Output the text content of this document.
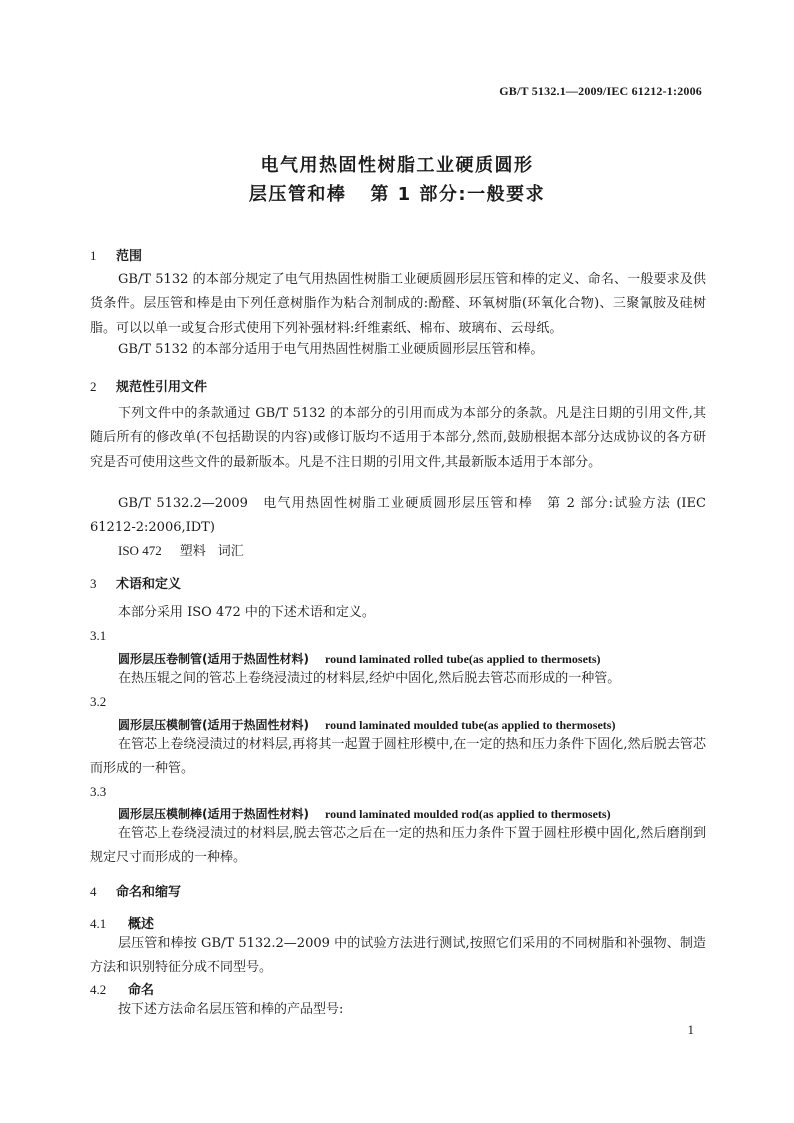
GB/T 5132.1—2009/IEC 61212-1:2006
电气用热固性树脂工业硬质圆形
层压管和棒 第 1 部分:一般要求
1 范围
GB/T 5132 的本部分规定了电气用热固性树脂工业硬质圆形层压管和棒的定义、命名、一般要求及供货条件。层压管和棒是由下列任意树脂作为粘合剂制成的:酚醛、环氧树脂(环氧化合物)、三聚氰胺及硅树脂。可以以单一或复合形式使用下列补强材料:纤维素纸、棉布、玻璃布、云母纸。
GB/T 5132 的本部分适用于电气用热固性树脂工业硬质圆形层压管和棒。
2 规范性引用文件
下列文件中的条款通过 GB/T 5132 的本部分的引用而成为本部分的条款。凡是注日期的引用文件,其随后所有的修改单(不包括勘误的内容)或修订版均不适用于本部分,然而,鼓励根据本部分达成协议的各方研究是否可使用这些文件的最新版本。凡是不注日期的引用文件,其最新版本适用于本部分。
GB/T 5132.2—2009　电气用热固性树脂工业硬质圆形层压管和棒　第 2 部分:试验方法 (IEC 61212-2:2006,IDT)
ISO 472 塑料 词汇
3 术语和定义
本部分采用 ISO 472 中的下述术语和定义。
3.1
圆形层压卷制管(适用于热固性材料) round laminated rolled tube(as applied to thermosets)
在热压辊之间的管芯上卷绕浸渍过的材料层,经炉中固化,然后脱去管芯而形成的一种管。
3.2
圆形层压模制管(适用于热固性材料) round laminated moulded tube(as applied to thermosets)
在管芯上卷绕浸渍过的材料层,再将其一起置于圆柱形模中,在一定的热和压力条件下固化,然后脱去管芯而形成的一种管。
3.3
圆形层压模制棒(适用于热固性材料) round laminated moulded rod(as applied to thermosets)
在管芯上卷绕浸渍过的材料层,脱去管芯之后在一定的热和压力条件下置于圆柱形模中固化,然后磨削到规定尺寸而形成的一种棒。
4 命名和缩写
4.1 概述
层压管和棒按 GB/T 5132.2—2009 中的试验方法进行测试,按照它们采用的不同树脂和补强物、制造方法和识别特征分成不同型号。
4.2 命名
按下述方法命名层压管和棒的产品型号:
1
